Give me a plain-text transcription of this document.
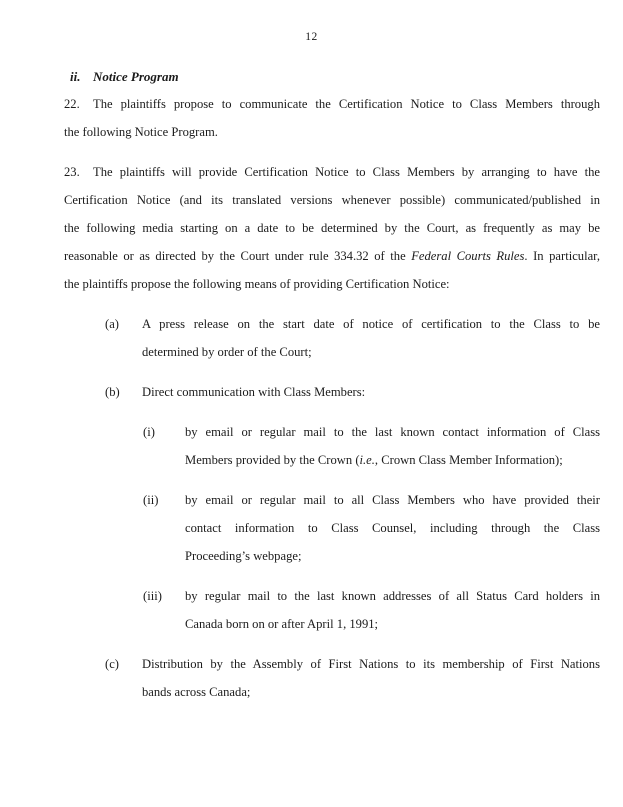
12
ii. Notice Program
22. The plaintiffs propose to communicate the Certification Notice to Class Members through
the following Notice Program.
23. The plaintiffs will provide Certification Notice to Class Members by arranging to have the
Certification Notice (and its translated versions whenever possible) communicated/published in
the following media starting on a date to be determined by the Court, as frequently as may be
reasonable or as directed by the Court under rule 334.32 of the Federal Courts Rules. In particular,
the plaintiffs propose the following means of providing Certification Notice:
A press release on the start date of notice of certification to the Class to be
determined by order of the Court;
(a)
Direct communication with Class Members:
(b)
by email or regular mail to the last known contact information of Class
Members provided by the Crown (i.e., Crown Class Member Information);
(i)
by email or regular mail to all Class Members who have provided their
contact information to Class Counsel, including through the Class
Proceeding’s webpage;
(ii)
by regular mail to the last known addresses of all Status Card holders in
Canada born on or after April 1, 1991;
(iii)
Distribution by the Assembly of First Nations to its membership of First Nations
bands across Canada;
(c)
